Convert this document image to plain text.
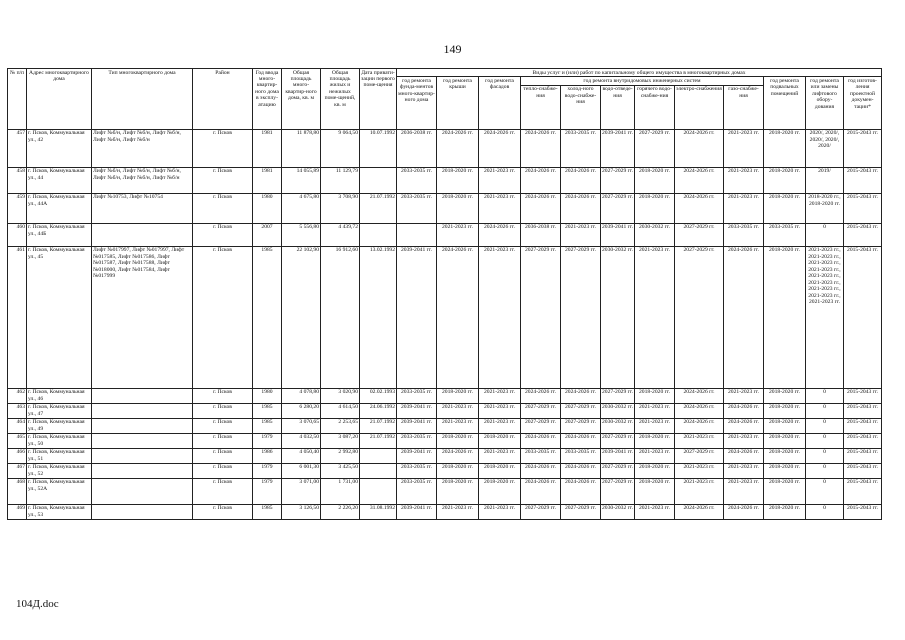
149
№ п/п	Адрес многоквартирного дома	Тип многоквартирного дома	Район	Год ввода много-квартир-ного дома в эксплу-атацию	Общая площадь много-квартир-ного дома, кв. м	Общая площадь жилых и нежилых поме-щений, кв. м	Дата привати-зации первого поме-щения	Виды услуг и (или) работ по капитальному общего имущества в многоквартирных домах											
								год ремонта фунда-ментов много-квартир-ного дома	год ремонта крыши	год ремонта фасадов	год ремонта внутридомовых инженерных систем						год ремонта подвальных помещений	год ремонта или замены лифтового обору-дования	год изготов-ления проектной докумен-тации*
											тепло-снабже-ния	холод-ного водо-снабже-ния	водо-отведе-ния	горячего водо-снабже-ния	электро-снабжения	газо-снабже-ния			
457	г. Псков, Коммунальная ул., 42	Лифт №б/н, Лифт №б/н, Лифт №б/н, Лифт №б/н, Лифт №б/н	г. Псков	1981	11 878,80	9 064,50	10.07.1992	2036-2038 гг.	2024-2026 гг.	2024-2026 гг.	2024-2026 гг.	2033-2035 гг.	2039-2041 гг.	2027-2029 гг.	2024-2026 гг.	2021-2023 гг.	2018-2020 гг.	2020/, 2020/, 2020/, 2020/, 2020/	2015-2043 гг.
458	г. Псков, Коммунальная ул., 44	Лифт №б/н, Лифт №б/н, Лифт №б/н, Лифт №б/н, Лифт №б/н, Лифт №б/н	г. Псков	1981	14 055,89	11 129,79		2033-2035 гг.	2018-2020 гг.	2021-2023 гг.	2024-2026 гг.	2024-2026 гг.	2027-2029 гг.	2018-2020 гг.	2024-2026 гг.	2021-2023 гг.	2018-2020 гг.	2019/	2015-2043 гг.
459	г. Псков, Коммунальная ул., 44А	Лифт №10753, Лифт №10754	г. Псков	1980	4 675,80	3 708,90	21.07.1992	2033-2035 гг.	2018-2020 гг.	2021-2023 гг.	2024-2026 гг.	2024-2026 гг.	2027-2029 гг.	2018-2020 гг.	2024-2026 гг.	2021-2023 гг.	2018-2020 гг.	2018-2020 гг., 2018-2020 гг.	2015-2043 гг.
460	г. Псков, Коммунальная ул., 44Б		г. Псков	2007	5 556,80	4 439,72			2021-2023 гг.	2024-2026 гг.	2036-2038 гг.	2021-2023 гг.	2039-2041 гг.	2030-2032 гг.	2027-2029 гг.	2033-2035 гг.	2033-2035 гг.	0	2015-2043 гг.
461	г. Псков, Коммунальная ул., 45	Лифт №017997, Лифт №017997, Лифт №017585, Лифт №017586, Лифт №017587, Лифт №017588, Лифт №018000, Лифт №017584, Лифт №017999	г. Псков	1985	22 102,90	16 912,60	13.02.1992	2039-2041 гг.	2024-2026 гг.	2021-2023 гг.	2027-2029 гг.	2027-2029 гг.	2030-2032 гг.	2021-2023 гг.	2027-2029 гг.	2024-2026 гг.	2018-2020 гг.	2021-2023 гг., 2021-2023 гг., 2021-2023 гг., 2021-2023 гг., 2021-2023 гг., 2021-2023 гг., 2021-2023 гг., 2021-2023 гг., 2021-2023 гг.	2015-2043 гг.
462	г. Псков, Коммунальная ул., 46		г. Псков	1980	4 078,80	3 020,90	02.02.1993	2033-2035 гг.	2018-2020 гг.	2021-2023 гг.	2024-2026 гг.	2024-2026 гг.	2027-2029 гг.	2018-2020 гг.	2024-2026 гг.	2021-2023 гг.	2018-2020 гг.	0	2015-2043 гг.
463	г. Псков, Коммунальная ул., 47		г. Псков	1985	6 280,20	4 614,50	24.06.1992	2039-2041 гг.	2021-2023 гг.	2021-2023 гг.	2027-2029 гг.	2027-2029 гг.	2030-2032 гг.	2021-2023 гг.	2024-2026 гг.	2024-2026 гг.	2018-2020 гг.	0	2015-2043 гг.
464	г. Псков, Коммунальная ул., 49		г. Псков	1985	3 070,65	2 253,65	21.07.1992	2039-2041 гг.	2021-2023 гг.	2021-2023 гг.	2027-2029 гг.	2027-2029 гг.	2030-2032 гг.	2021-2023 гг.	2024-2026 гг.	2024-2026 гг.	2018-2020 гг.	0	2015-2043 гг.
465	г. Псков, Коммунальная ул., 50		г. Псков	1979	4 032,50	3 087,20	21.07.1992	2033-2035 гг.	2018-2020 гг.	2018-2020 гг.	2024-2026 гг.	2024-2026 гг.	2027-2029 гг.	2018-2020 гг.	2021-2023 гг.	2021-2023 гг.	2018-2020 гг.	0	2015-2043 гг.
466	г. Псков, Коммунальная ул., 51		г. Псков	1986	4 050,40	2 992,80		2039-2041 гг.	2024-2026 гг.	2021-2023 гг.	2033-2035 гг.	2033-2035 гг.	2039-2041 гг.	2021-2023 гг.	2027-2029 гг.	2024-2026 гг.	2018-2020 гг.	0	2015-2043 гг.
467	г. Псков, Коммунальная ул., 52		г. Псков	1979	6 001,30	3 425,50		2033-2035 гг.	2018-2020 гг.	2018-2020 гг.	2024-2026 гг.	2024-2026 гг.	2027-2029 гг.	2018-2020 гг.	2021-2023 гг.	2021-2023 гг.	2018-2020 гг.	0	2015-2043 гг.
468	г. Псков, Коммунальная ул., 52А		г. Псков	1979	3 071,00	1 731,00		2033-2035 гг.	2018-2020 гг.	2018-2020 гг.	2024-2026 гг.	2024-2026 гг.	2027-2029 гг.	2018-2020 гг.	2021-2023 гг.	2021-2023 гг.	2018-2020 гг.	0	2015-2043 гг.
469	г. Псков, Коммунальная ул., 53		г. Псков	1985	3 126,50	2 226,20	31.08.1992	2039-2041 гг.	2021-2023 гг.	2021-2023 гг.	2027-2029 гг.	2027-2029 гг.	2030-2032 гг.	2021-2023 гг.	2024-2026 гг.	2024-2026 гг.	2018-2020 гг.	0	2015-2043 гг.
104Д.doc
